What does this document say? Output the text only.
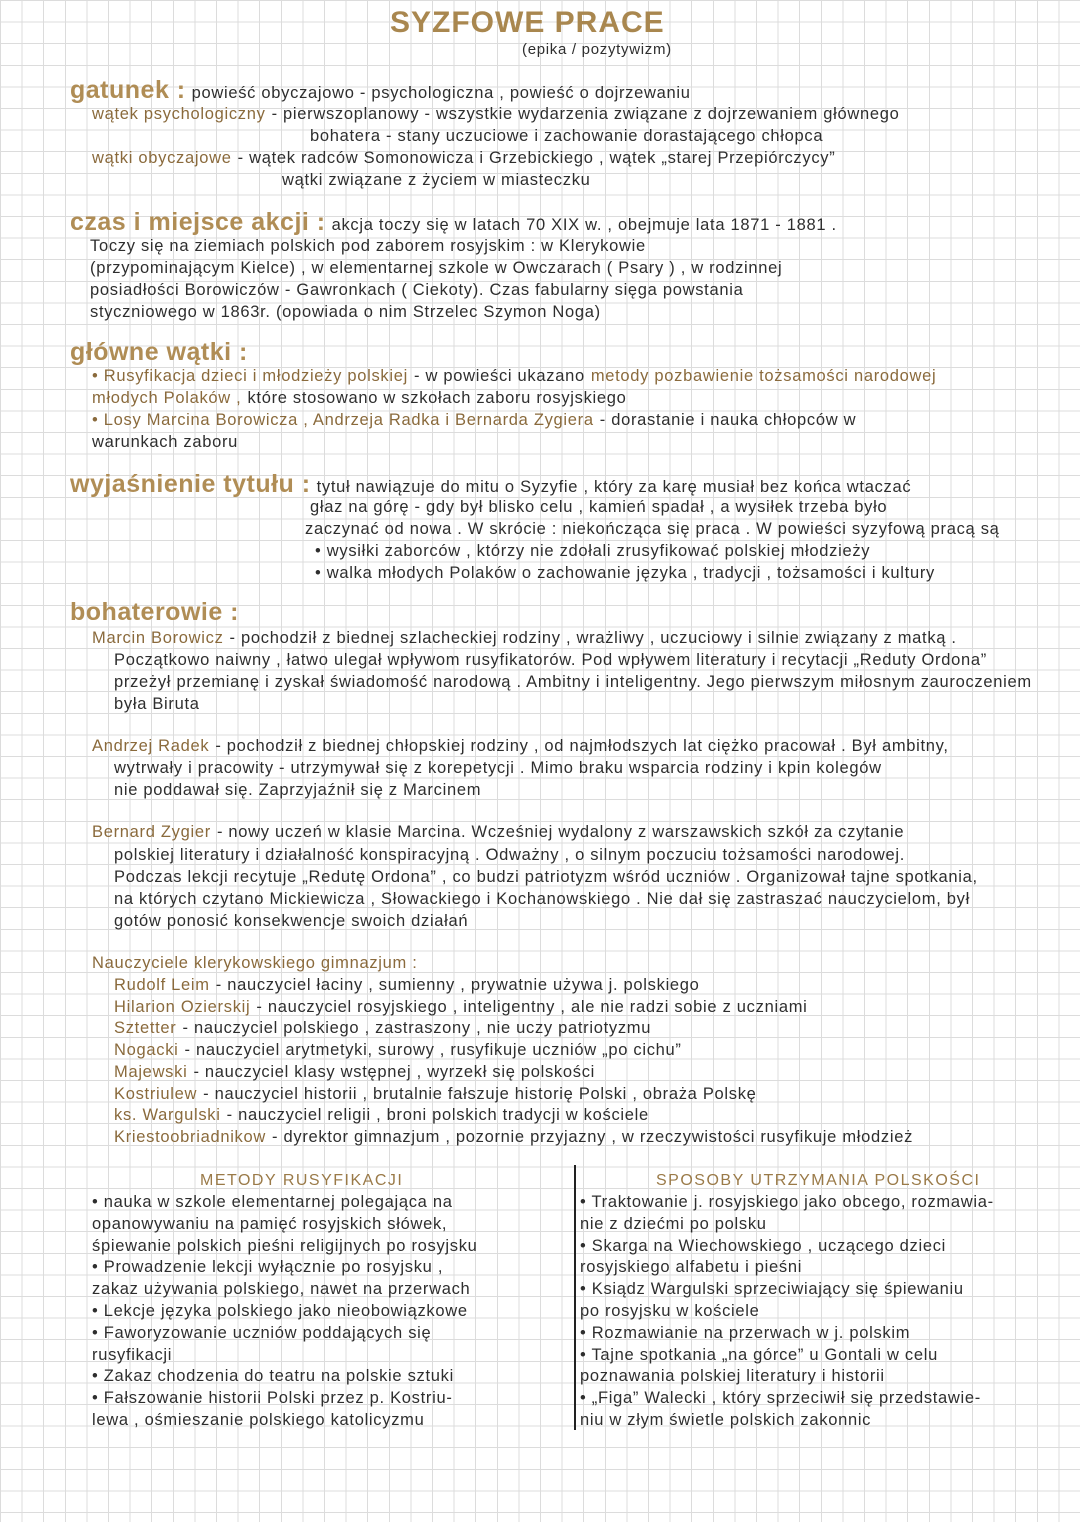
SYZFOWE PRACE
(epika / pozytywizm)
gatunek : powieść obyczajowo - psychologiczna , powieść o dojrzewaniu
wątek psychologiczny - pierwszoplanowy - wszystkie wydarzenia związane z dojrzewaniem głównego
bohatera - stany uczuciowe i zachowanie dorastającego chłopca
wątki obyczajowe - wątek radców Somonowicza i Grzebickiego , wątek „starej Przepiórczycy”
wątki związane z życiem w miasteczku
czas i miejsce akcji : akcja toczy się w latach 70 XIX w. , obejmuje lata 1871 - 1881 .
Toczy się na ziemiach polskich pod zaborem rosyjskim : w Klerykowie
(przypominającym Kielce) , w elementarnej szkole w Owczarach ( Psary ) , w rodzinnej
posiadłości Borowiczów - Gawronkach ( Ciekoty). Czas fabularny sięga powstania
styczniowego w 1863r. (opowiada o nim Strzelec Szymon Noga)
główne wątki :
• Rusyfikacja dzieci i młodzieży polskiej - w powieści ukazano metody pozbawienie tożsamości narodowej
młodych Polaków , które stosowano w szkołach zaboru rosyjskiego
• Losy Marcina Borowicza , Andrzeja Radka i Bernarda Zygiera - dorastanie i nauka chłopców w
warunkach zaboru
wyjaśnienie tytułu : tytuł nawiązuje do mitu o Syzyfie , który za karę musiał bez końca wtaczać
głaz na górę - gdy był blisko celu , kamień spadał , a wysiłek trzeba było
zaczynać od nowa . W skrócie : niekończąca się praca . W powieści syzyfową pracą są
• wysiłki zaborców , którzy nie zdołali zrusyfikować polskiej młodzieży
• walka młodych Polaków o zachowanie języka , tradycji , tożsamości i kultury
bohaterowie :
Marcin Borowicz - pochodził z biednej szlacheckiej rodziny , wrażliwy , uczuciowy i silnie związany z matką .
Początkowo naiwny , łatwo ulegał wpływom rusyfikatorów. Pod wpływem literatury i recytacji „Reduty Ordona”
przeżył przemianę i zyskał świadomość narodową . Ambitny i inteligentny. Jego pierwszym miłosnym zauroczeniem
była Biruta
Andrzej Radek - pochodził z biednej chłopskiej rodziny , od najmłodszych lat ciężko pracował . Był ambitny,
wytrwały i pracowity - utrzymywał się z korepetycji . Mimo braku wsparcia rodziny i kpin kolegów
nie poddawał się. Zaprzyjaźnił się z Marcinem
Bernard Zygier - nowy uczeń w klasie Marcina. Wcześniej wydalony z warszawskich szkół za czytanie
polskiej literatury i działalność konspiracyjną . Odważny , o silnym poczuciu tożsamości narodowej.
Podczas lekcji recytuje „Redutę Ordona” , co budzi patriotyzm wśród uczniów . Organizował tajne spotkania,
na których czytano Mickiewicza , Słowackiego i Kochanowskiego . Nie dał się zastraszać nauczycielom, był
gotów ponosić konsekwencje swoich działań
Nauczyciele klerykowskiego gimnazjum :
Rudolf Leim - nauczyciel łaciny , sumienny , prywatnie używa j. polskiego
Hilarion Ozierskij - nauczyciel rosyjskiego , inteligentny , ale nie radzi sobie z uczniami
Sztetter - nauczyciel polskiego , zastraszony , nie uczy patriotyzmu
Nogacki - nauczyciel arytmetyki, surowy , rusyfikuje uczniów „po cichu”
Majewski - nauczyciel klasy wstępnej , wyrzekł się polskości
Kostriulew - nauczyciel historii , brutalnie fałszuje historię Polski , obraża Polskę
ks. Wargulski - nauczyciel religii , broni polskich tradycji w kościele
Kriestoobriadnikow - dyrektor gimnazjum , pozornie przyjazny , w rzeczywistości rusyfikuje młodzież
METODY RUSYFIKACJI	SPOSOBY UTRZYMANIA POLSKOŚCI
• nauka w szkole elementarnej polegająca na
opanowywaniu na pamięć rosyjskich słówek,
śpiewanie polskich pieśni religijnych po rosyjsku
• Prowadzenie lekcji wyłącznie po rosyjsku ,
zakaz używania polskiego, nawet na przerwach
• Lekcje języka polskiego jako nieobowiązkowe
• Faworyzowanie uczniów poddających się
rusyfikacji
• Zakaz chodzenia do teatru na polskie sztuki
• Fałszowanie historii Polski przez p. Kostriu-
lewa , ośmieszanie polskiego katolicyzmu
• Traktowanie j. rosyjskiego jako obcego, rozmawia-
nie z dziećmi po polsku
• Skarga na Wiechowskiego , uczącego dzieci
rosyjskiego alfabetu i pieśni
• Ksiądz Wargulski sprzeciwiający się śpiewaniu
po rosyjsku w kościele
• Rozmawianie na przerwach w j. polskim
• Tajne spotkania „na górce” u Gontali w celu
poznawania polskiej literatury i historii
• „Figa” Walecki , który sprzeciwił się przedstawie-
niu w złym świetle polskich zakonnic
